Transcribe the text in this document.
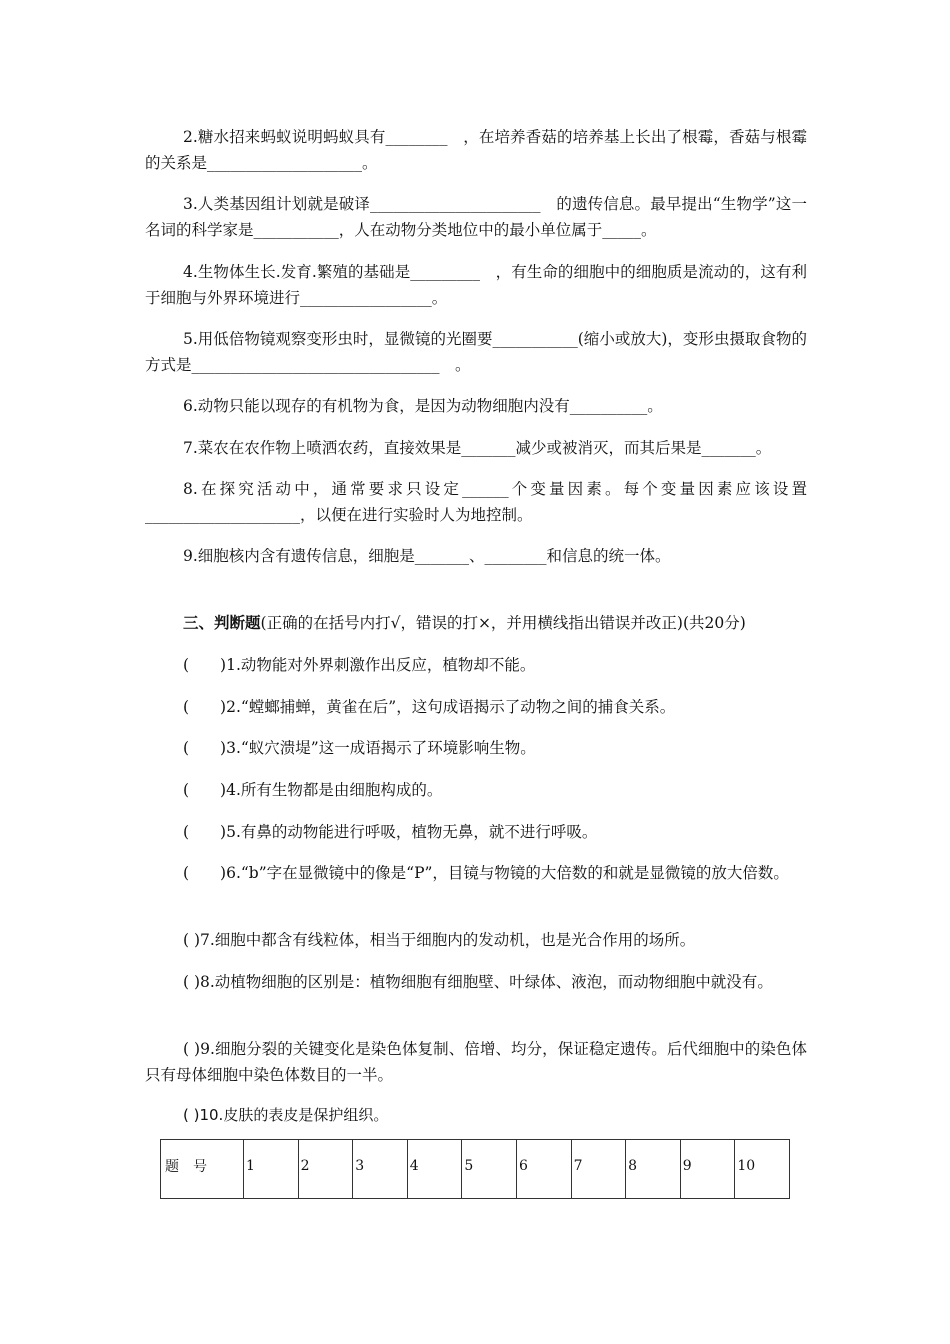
2.糖水招来蚂蚁说明蚂蚁具有________　，在培养香菇的培养基上长出了根霉，香菇与根霉的关系是____________________。

3.人类基因组计划就是破译______________________　的遗传信息。最早提出“生物学”这一名词的科学家是___________，人在动物分类地位中的最小单位属于_____。

4.生物体生长.发育.繁殖的基础是_________　，有生命的细胞中的细胞质是流动的，这有利于细胞与外界环境进行_________________。

5.用低倍物镜观察变形虫时，显微镜的光圈要___________(缩小或放大)，变形虫摄取食物的方式是________________________________　。

6.动物只能以现存的有机物为食，是因为动物细胞内没有__________。

7.菜农在农作物上喷洒农药，直接效果是_______减少或被消灭，而其后果是_______。

8.在探究活动中，通常要求只设定______个变量因素。每个变量因素应该设置____________________，以便在进行实验时人为地控制。

9.细胞核内含有遗传信息，细胞是_______、________和信息的统一体。

三、判断题(正确的在括号内打√，错误的打×，并用横线指出错误并改正)(共20分)

(　　)1.动物能对外界刺激作出反应，植物却不能。

(　　)2.“螳螂捕蝉，黄雀在后”，这句成语揭示了动物之间的捕食关系。

(　　)3.“蚁穴溃堤”这一成语揭示了环境影响生物。

(　　)4.所有生物都是由细胞构成的。

(　　)5.有鼻的动物能进行呼吸，植物无鼻，就不进行呼吸。

(　　)6.“b”字在显微镜中的像是“P”，目镜与物镜的大倍数的和就是显微镜的放大倍数。

( )7.细胞中都含有线粒体，相当于细胞内的发动机，也是光合作用的场所。

( )8.动植物细胞的区别是：植物细胞有细胞壁、叶绿体、液泡，而动物细胞中就没有。

( )9.细胞分裂的关键变化是染色体复制、倍增、均分，保证稳定遗传。后代细胞中的染色体只有母体细胞中染色体数目的一半。

( )10.皮肤的表皮是保护组织。

题　号	1	2	3	4	5	6	7	8	9	10
